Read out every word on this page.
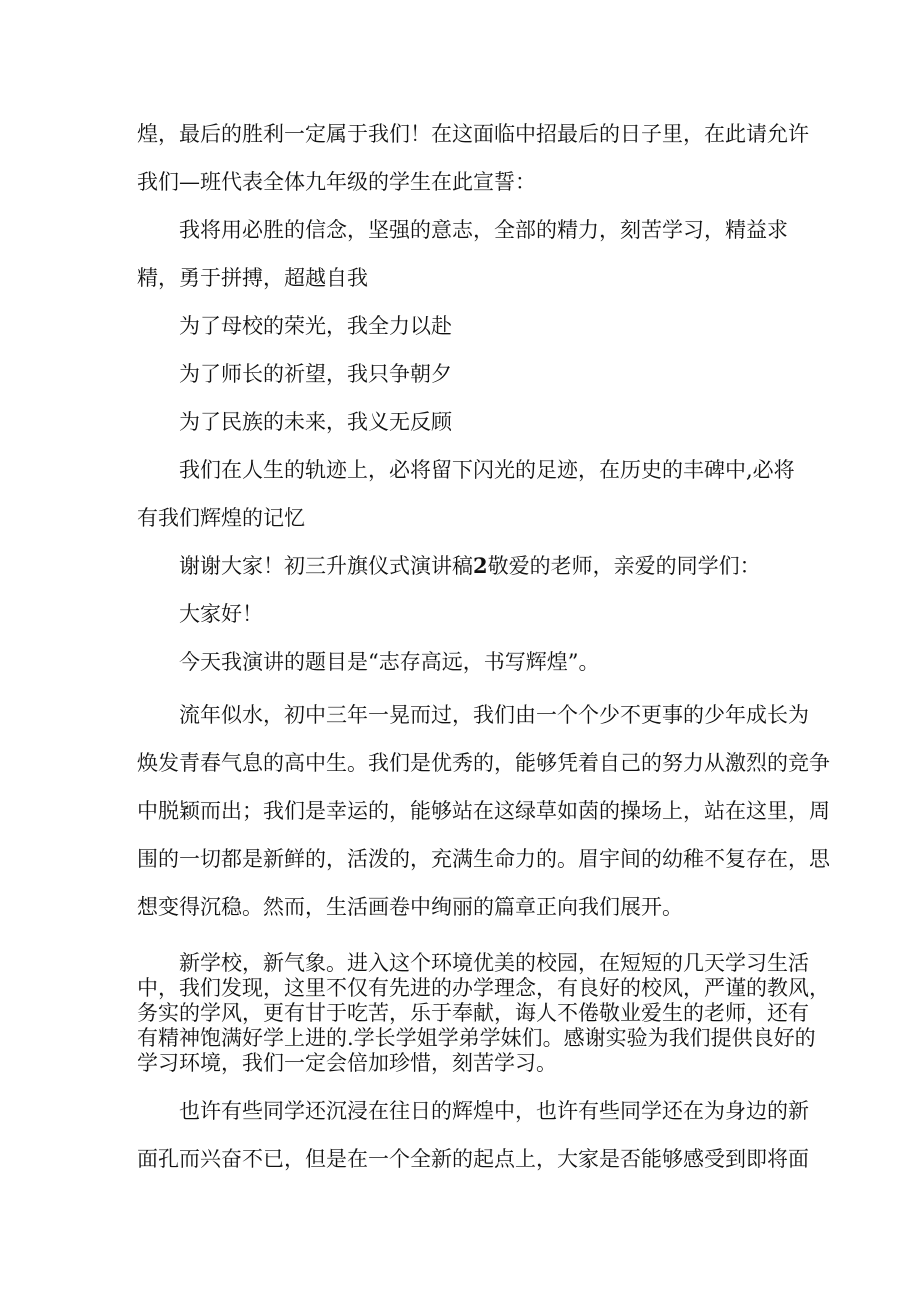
煌，最后的胜利一定属于我们！在这面临中招最后的日子里，在此请允许
我们—班代表全体九年级的学生在此宣誓：
我将用必胜的信念，坚强的意志，全部的精力，刻苦学习，精益求
精，勇于拼搏，超越自我
为了母校的荣光，我全力以赴
为了师长的祈望，我只争朝夕
为了民族的未来，我义无反顾
我们在人生的轨迹上，必将留下闪光的足迹，在历史的丰碑中,必将
有我们辉煌的记忆
谢谢大家！初三升旗仪式演讲稿2敬爱的老师，亲爱的同学们：
大家好！
今天我演讲的题目是“志存高远，书写辉煌”。
流年似水，初中三年一晃而过，我们由一个个少不更事的少年成长为
焕发青春气息的高中生。我们是优秀的，能够凭着自己的努力从激烈的竞争
中脱颖而出；我们是幸运的，能够站在这绿草如茵的操场上，站在这里，周
围的一切都是新鲜的，活泼的，充满生命力的。眉宇间的幼稚不复存在，思
想变得沉稳。然而，生活画卷中绚丽的篇章正向我们展开。
新学校，新气象。进入这个环境优美的校园，在短短的几天学习生活
中，我们发现，这里不仅有先进的办学理念，有良好的校风，严谨的教风，
务实的学风，更有甘于吃苦，乐于奉献，诲人不倦敬业爱生的老师，还有
有精神饱满好学上进的.学长学姐学弟学妹们。感谢实验为我们提供良好的
学习环境，我们一定会倍加珍惜，刻苦学习。
也许有些同学还沉浸在往日的辉煌中，也许有些同学还在为身边的新
面孔而兴奋不已，但是在一个全新的起点上，大家是否能够感受到即将面
